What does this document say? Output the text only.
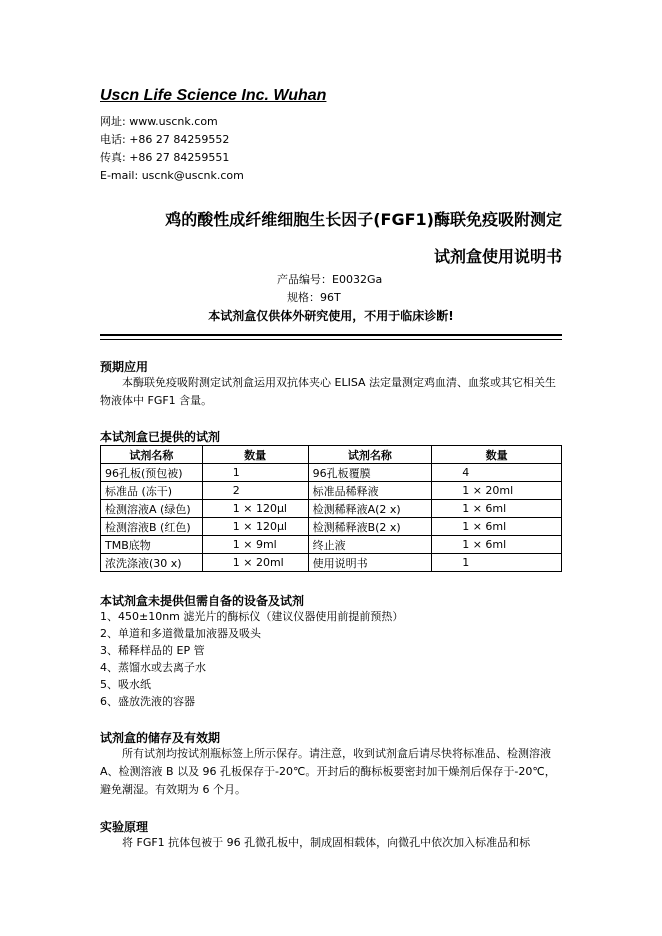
Uscn Life Science Inc. Wuhan
网址: www.uscnk.com
电话: +86 27 84259552
传真: +86 27 84259551
E-mail: uscnk@uscnk.com
鸡的酸性成纤维细胞生长因子(FGF1)酶联免疫吸附测定
试剂盒使用说明书
产品编号：E0032Ga
规格：96T
本试剂盒仅供体外研究使用，不用于临床诊断!
预期应用
本酶联免疫吸附测定试剂盒运用双抗体夹心 ELISA 法定量测定鸡血清、血浆或其它相关生物液体中 FGF1 含量。
本试剂盒已提供的试剂
试剂名称	数量	试剂名称	数量
96孔板(预包被)	1	96孔板覆膜	4
标准品 (冻干)	2	标准品稀释液	1 × 20ml
检测溶液A (绿色)	1 × 120μl	检测稀释液A(2 x)	1 × 6ml
检测溶液B (红色)	1 × 120μl	检测稀释液B(2 x)	1 × 6ml
TMB底物	1 × 9ml	终止液	1 × 6ml
浓洗涤液(30 x)	1 × 20ml	使用说明书	1
本试剂盒未提供但需自备的设备及试剂
1、450±10nm 滤光片的酶标仪（建议仪器使用前提前预热）
2、单道和多道微量加液器及吸头
3、稀释样品的 EP 管
4、蒸馏水或去离子水
5、吸水纸
6、盛放洗液的容器
试剂盒的储存及有效期
所有试剂均按试剂瓶标签上所示保存。请注意，收到试剂盒后请尽快将标准品、检测溶液 A、检测溶液 B 以及 96 孔板保存于-20℃。开封后的酶标板要密封加干燥剂后保存于-20℃，避免潮湿。有效期为 6 个月。
实验原理
将 FGF1 抗体包被于 96 孔微孔板中，制成固相载体，向微孔中依次加入标准品和标
